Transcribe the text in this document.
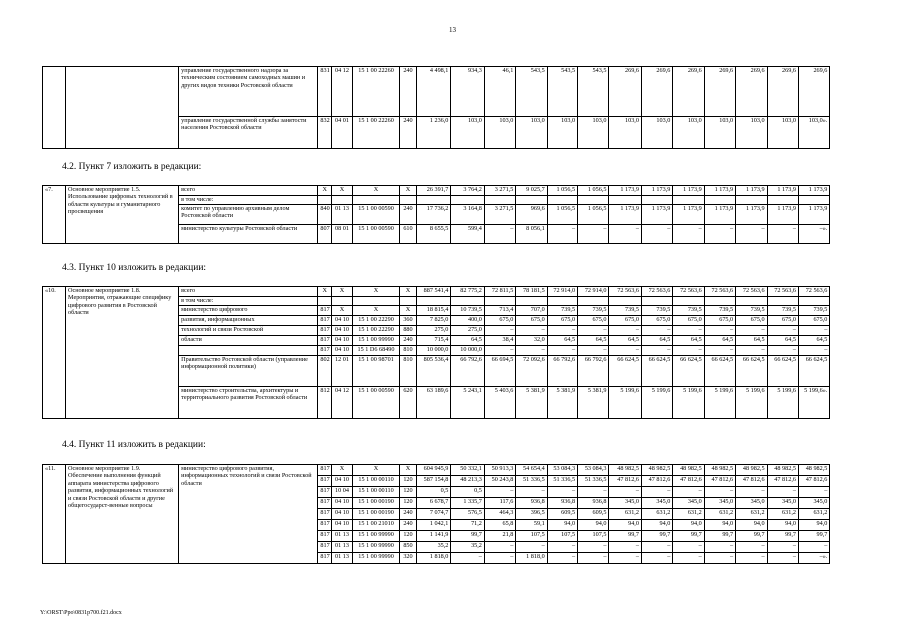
13
		управление государственного надзора за техническим состоянием самоходных машин и других видов техники Ростовской области	831	04 12	15 1 00 22260	240	4 498,1	934,3	46,1	543,5	543,5	543,5	269,6	269,6	269,6	269,6	269,6	269,6	269,6
		управление государственной службы занятости населения Ростовской области	832	04 01	15 1 00 22260	240	1 236,0	103,0	103,0	103,0	103,0	103,0	103,0	103,0	103,0	103,0	103,0	103,0	103,0».
4.2. Пункт 7 изложить в редакции:
«7.	Основное мероприятие 1.5. Использование цифровых технологий в области культуры и гуманитарного просвещения	всего	Х	Х	Х	Х	26 391,7	3 764,2	3 271,5	9 025,7	1 056,5	1 056,5	1 173,9	1 173,9	1 173,9	1 173,9	1 173,9	1 173,9	1 173,9
		в том числе:																	
		комитет по управлению архивным делом Ростовской области	840	01 13	15 1 00 00590	240	17 736,2	3 164,8	3 271,5	969,6	1 056,5	1 056,5	1 173,9	1 173,9	1 173,9	1 173,9	1 173,9	1 173,9	1 173,9
		министерство культуры Ростовской области	807	08 01	15 1 00 00590	610	8 655,5	599,4	–	8 056,1	–	–	–	–	–	–	–	–	–».
4.3. Пункт 10 изложить в редакции:
«10.	Основное мероприятие 1.8. Мероприятия, отражающие специфику цифрового развития в Ростовской области	всего	Х	Х	Х	Х	887 541,4	82 775,2	72 811,5	78 181,5	72 914,0	72 914,0	72 563,6	72 563,6	72 563,6	72 563,6	72 563,6	72 563,6	72 563,6
		в том числе:																	
		министерство цифрового	817	Х	Х	Х	18 815,4	10 739,5	713,4	707,0	739,5	739,5	739,5	739,5	739,5	739,5	739,5	739,5	739,5
		развития, информационных	817	04 10	15 1 00 22290	360	7 825,0	400,0	675,0	675,0	675,0	675,0	675,0	675,0	675,0	675,0	675,0	675,0	675,0
		технологий и связи Ростовской	817	04 10	15 1 00 22290	880	275,0	275,0	–	–	–	–	–	–	–	–	–	–	–
		области	817	04 10	15 1 00 99990	240	715,4	64,5	38,4	32,0	64,5	64,5	64,5	64,5	64,5	64,5	64,5	64,5	64,5
			817	04 10	15 1 D6 68490	810	10 000,0	10 000,0	–	–	–	–	–	–	–	–	–	–	–
		Правительство Ростовской области (управление информационной политики)	802	12 01	15 1 00 98701	810	805 536,4	66 792,6	66 694,5	72 092,6	66 792,6	66 792,6	66 624,5	66 624,5	66 624,5	66 624,5	66 624,5	66 624,5	66 624,5
		министерство строительства, архитектуры и территориального развития Ростовской области	812	04 12	15 1 00 00590	620	63 189,6	5 243,1	5 403,6	5 381,9	5 381,9	5 381,9	5 199,6	5 199,6	5 199,6	5 199,6	5 199,6	5 199,6	5 199,6».
4.4. Пункт 11 изложить в редакции:
«11.	Основное мероприятие 1.9. Обеспечение выполнения функций аппарата министерства цифрового развития, информационных технологий и связи Ростовской области и другие общегосударст-венные вопросы	министерство цифрового развития, информационных технологий и связи Ростовской области	817	Х	Х	Х	604 945,9	50 332,1	50 913,3	54 654,4	53 084,3	53 084,3	48 982,5	48 982,5	48 982,5	48 982,5	48 982,5	48 982,5	48 982,5
			817	04 10	15 1 00 00110	120	587 154,8	48 213,3	50 243,8	51 336,5	51 336,5	51 336,5	47 812,6	47 812,6	47 812,6	47 812,6	47 812,6	47 812,6	47 812,6
			817	10 04	15 1 00 00110	120	0,5	0,5	–	–	–	–	–	–	–	–	–	–	–
			817	04 10	15 1 00 00190	120	6 678,7	1 335,7	117,6	936,8	936,8	936,8	345,0	345,0	345,0	345,0	345,0	345,0	345,0
			817	04 10	15 1 00 00190	240	7 074,7	576,5	464,3	396,5	609,5	609,5	631,2	631,2	631,2	631,2	631,2	631,2	631,2
			817	04 10	15 1 00 21010	240	1 042,1	71,2	65,8	59,1	94,0	94,0	94,0	94,0	94,0	94,0	94,0	94,0	94,0
			817	01 13	15 1 00 99990	120	1 141,9	99,7	21,8	107,5	107,5	107,5	99,7	99,7	99,7	99,7	99,7	99,7	99,7
			817	01 13	15 1 00 99990	850	35,2	35,2	–	–	–	–	–	–	–	–	–	–	–
			817	01 13	15 1 00 99990	320	1 818,0	–	–	1 818,0	–	–	–	–	–	–	–	–	–».
Y:\ORST\Ppo\0831p700.f21.docx
